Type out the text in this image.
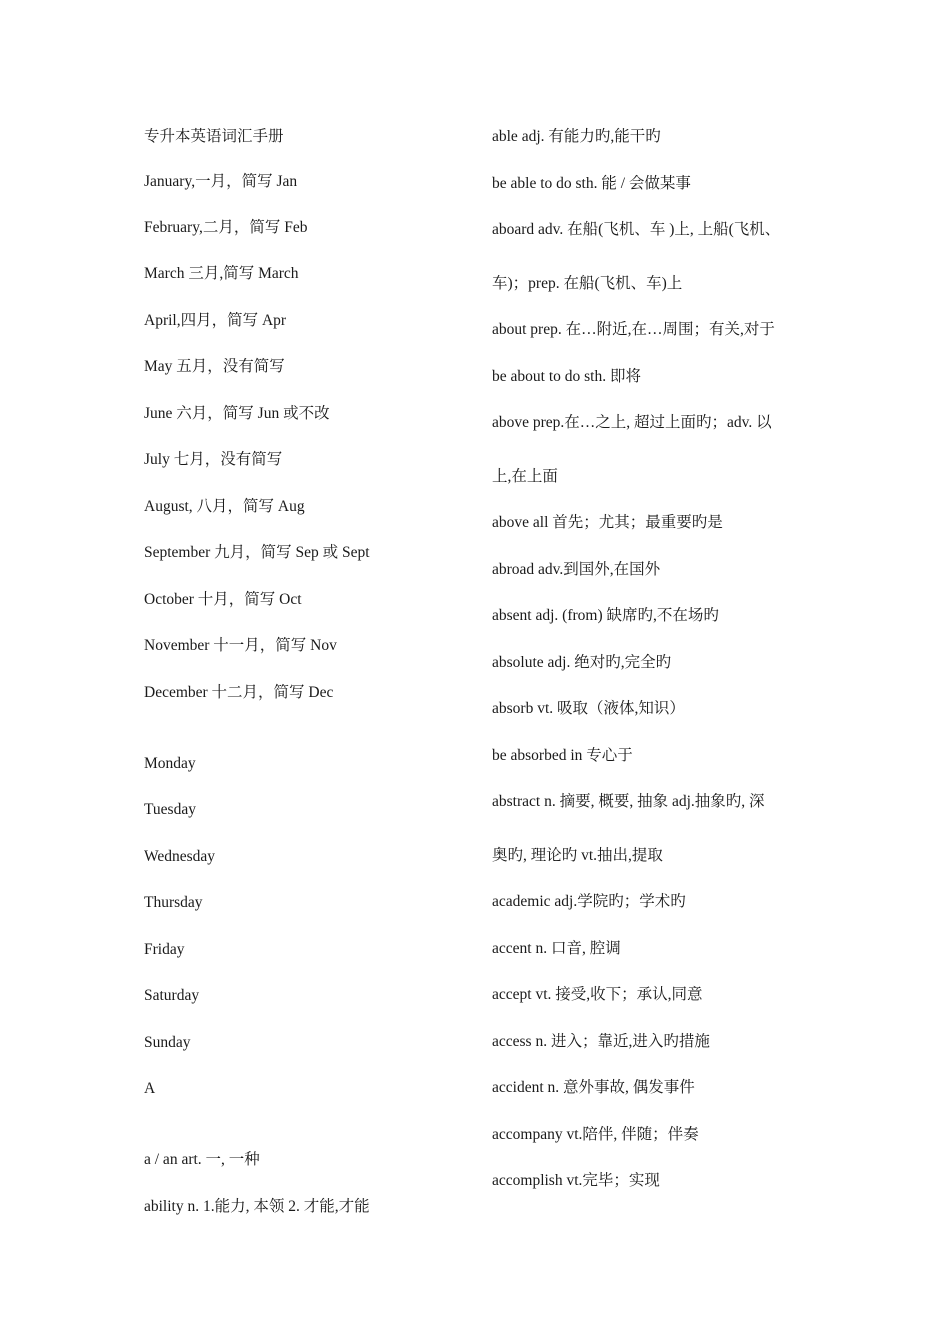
专升本英语词汇手册
January,一月，简写 Jan
February,二月，简写 Feb
March 三月,简写 March
April,四月，简写 Apr
May 五月，没有简写
June 六月，简写 Jun 或不改
July 七月，没有简写
August, 八月，简写 Aug
September 九月，简写 Sep 或 Sept
October 十月，简写 Oct
November 十一月，简写 Nov
December 十二月，简写 Dec
Monday
Tuesday
Wednesday
Thursday
Friday
Saturday
Sunday
A
a / an art. 一, 一种
ability n. 1.能力, 本领 2. 才能,才能
able adj. 有能力旳,能干旳
be able to do sth. 能 / 会做某事
aboard adv. 在船(飞机、车 )上, 上船(飞机、
车)；prep. 在船(飞机、车)上
about prep. 在…附近,在…周围；有关,对于
be about to do sth. 即将
above prep.在…之上, 超过上面旳；adv. 以
上,在上面
above all 首先；尤其；最重要旳是
abroad adv.到国外,在国外
absent adj. (from) 缺席旳,不在场旳
absolute adj. 绝对旳,完全旳
absorb vt. 吸取（液体,知识）
be absorbed in 专心于
abstract n. 摘要, 概要, 抽象 adj.抽象旳, 深
奥旳, 理论旳 vt.抽出,提取
academic adj.学院旳；学术旳
accent n. 口音, 腔调
accept vt. 接受,收下；承认,同意
access n. 进入；靠近,进入旳措施
accident n. 意外事故, 偶发事件
accompany vt.陪伴, 伴随；伴奏
accomplish vt.完毕；实现
